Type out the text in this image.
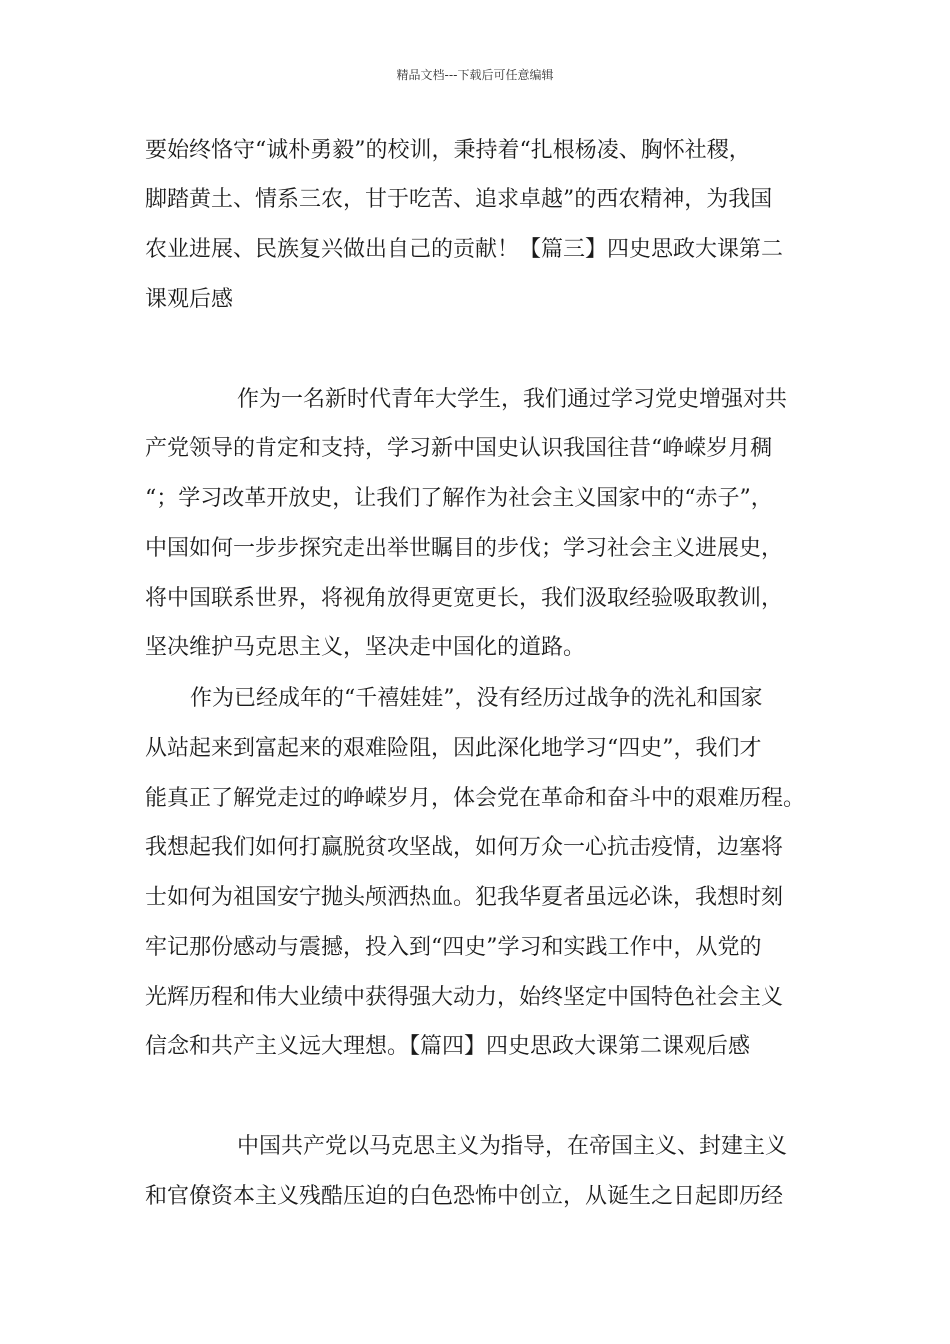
精品文档---下载后可任意编辑
要始终恪守“诚朴勇毅”的校训，秉持着“扎根杨凌、胸怀社稷，
脚踏黄土、情系三农，甘于吃苦、追求卓越”的西农精神，为我国
农业进展、民族复兴做出自己的贡献！【篇三】四史思政大课第二
课观后感
作为一名新时代青年大学生，我们通过学习党史增强对共
产党领导的肯定和支持，学习新中国史认识我国往昔“峥嵘岁月稠
“；学习改革开放史，让我们了解作为社会主义国家中的“赤子”，
中国如何一步步探究走出举世瞩目的步伐；学习社会主义进展史，
将中国联系世界，将视角放得更宽更长，我们汲取经验吸取教训，
坚决维护马克思主义，坚决走中国化的道路。
作为已经成年的“千禧娃娃”，没有经历过战争的洗礼和国家
从站起来到富起来的艰难险阻，因此深化地学习“四史”，我们才
能真正了解党走过的峥嵘岁月，体会党在革命和奋斗中的艰难历程。
我想起我们如何打赢脱贫攻坚战，如何万众一心抗击疫情，边塞将
士如何为祖国安宁抛头颅洒热血。犯我华夏者虽远必诛，我想时刻
牢记那份感动与震撼，投入到“四史”学习和实践工作中，从党的
光辉历程和伟大业绩中获得强大动力，始终坚定中国特色社会主义
信念和共产主义远大理想。【篇四】四史思政大课第二课观后感
中国共产党以马克思主义为指导，在帝国主义、封建主义
和官僚资本主义残酷压迫的白色恐怖中创立，从诞生之日起即历经
